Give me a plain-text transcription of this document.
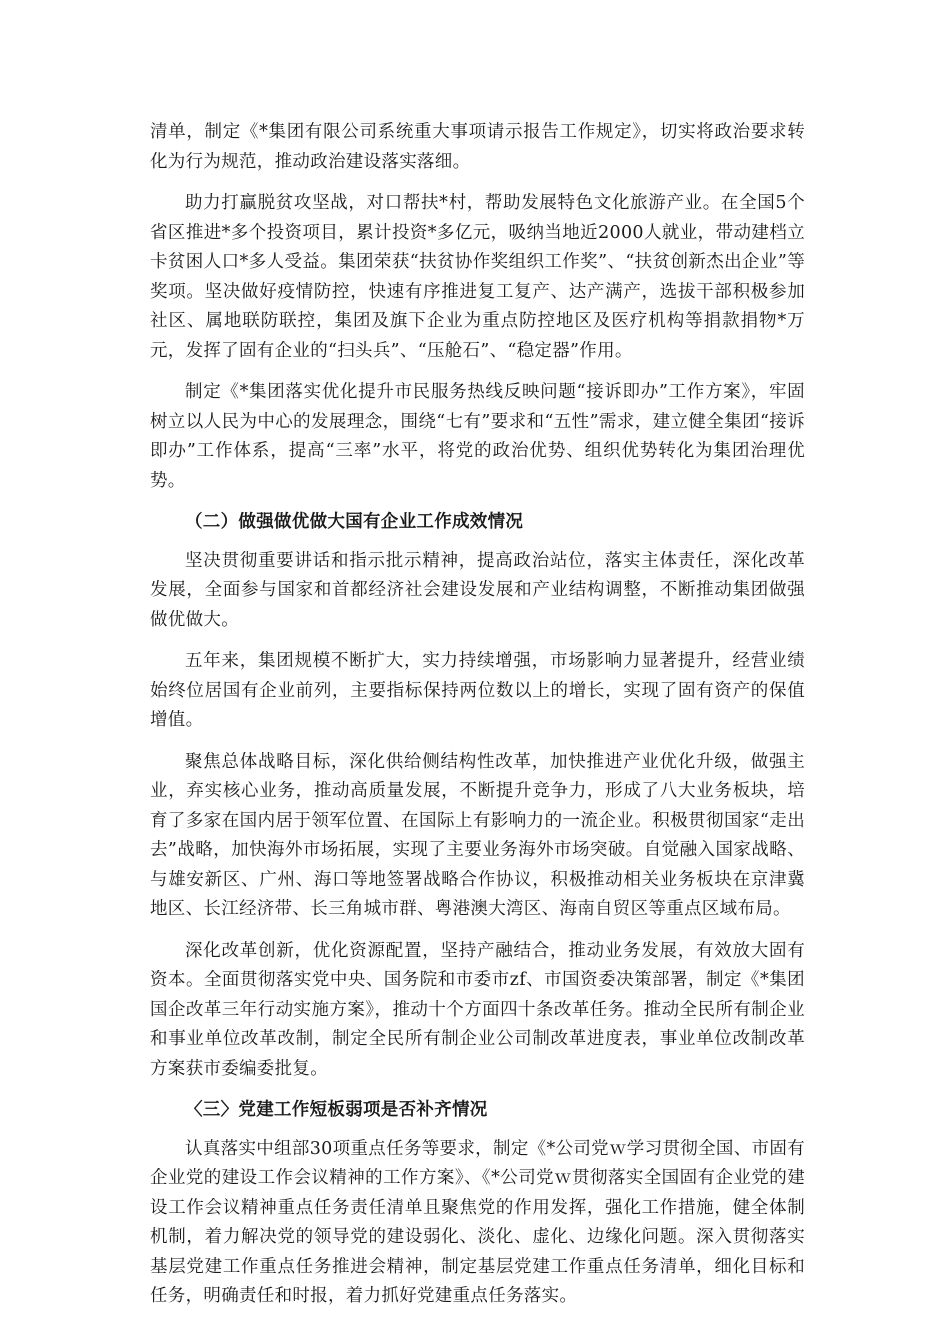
清单，制定《*集团有限公司系统重大事项请示报告工作规定》，切实将政治要求转化为行为规范，推动政治建设落实落细。

助力打赢脱贫攻坚战，对口帮扶*村，帮助发展特色文化旅游产业。在全国5个省区推进*多个投资项目，累计投资*多亿元，吸纳当地近2000人就业，带动建档立卡贫困人口*多人受益。集团荣获“扶贫协作奖组织工作奖”、“扶贫创新杰出企业”等奖项。坚决做好疫情防控，快速有序推进复工复产、达产满产，选拔干部积极参加社区、属地联防联控，集团及旗下企业为重点防控地区及医疗机构等捐款捐物*万元，发挥了固有企业的“扫头兵”、“压舱石”、“稳定器”作用。

制定《*集团落实优化提升市民服务热线反映问题“接诉即办”工作方案》，牢固树立以人民为中心的发展理念，围绕“七有”要求和“五性”需求，建立健全集团“接诉即办”工作体系，提高“三率”水平，将党的政治优势、组织优势转化为集团治理优势。

（二）做强做优做大国有企业工作成效情况

坚决贯彻重要讲话和指示批示精神，提高政治站位，落实主体责任，深化改革发展，全面参与国家和首都经济社会建设发展和产业结构调整，不断推动集团做强做优做大。

五年来，集团规模不断扩大，实力持续增强，市场影响力显著提升，经营业绩始终位居国有企业前列，主要指标保持两位数以上的增长，实现了固有资产的保值增值。

聚焦总体战略目标，深化供给侧结构性改革，加快推进产业优化升级，做强主业，弃实核心业务，推动高质量发展，不断提升竞争力，形成了八大业务板块，培育了多家在国内居于领军位置、在国际上有影响力的一流企业。积极贯彻国家“走出去”战略，加快海外市场拓展，实现了主要业务海外市场突破。自觉融入国家战略、与雄安新区、广州、海口等地签署战略合作协议，积极推动相关业务板块在京津冀地区、长江经济带、长三角城市群、粤港澳大湾区、海南自贸区等重点区域布局。

深化改革创新，优化资源配置，坚持产融结合，推动业务发展，有效放大固有资本。全面贯彻落实党中央、国务院和市委市zf、市国资委决策部署，制定《*集团国企改革三年行动实施方案》，推动十个方面四十条改革任务。推动全民所有制企业和事业单位改革改制，制定全民所有制企业公司制改革进度表，事业单位改制改革方案获市委编委批复。

〈三〉党建工作短板弱项是否补齐情况

认真落实中组部30项重点任务等要求，制定《*公司党ｗ学习贯彻全国、市固有企业党的建设工作会议精神的工作方案》、《*公司党ｗ贯彻落实全国固有企业党的建设工作会议精神重点任务责任清单且聚焦党的作用发挥，强化工作措施，健全体制机制，着力解决党的领导党的建设弱化、淡化、虚化、边缘化问题。深入贯彻落实基层党建工作重点任务推进会精神，制定基层党建工作重点任务清单，细化目标和任务，明确责任和时报，着力抓好党建重点任务落实。
